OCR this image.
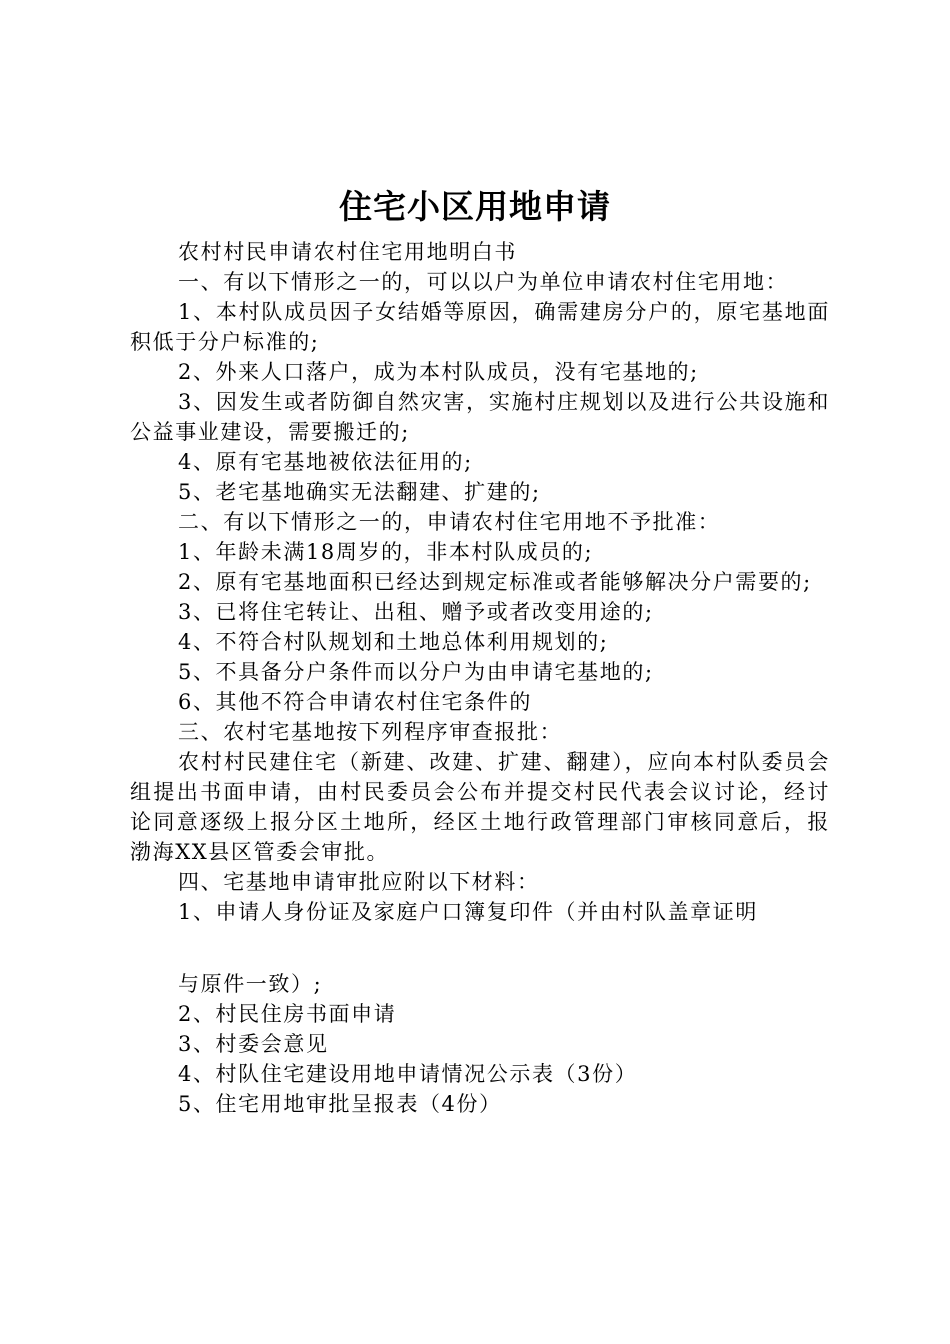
住宅小区用地申请

农村村民申请农村住宅用地明白书

一、有以下情形之一的，可以以户为单位申请农村住宅用地：

1、本村队成员因子女结婚等原因，确需建房分户的，原宅基地面积低于分户标准的;

2、外来人口落户，成为本村队成员，没有宅基地的;

3、因发生或者防御自然灾害，实施村庄规划以及进行公共设施和公益事业建设，需要搬迁的;

4、原有宅基地被依法征用的;

5、老宅基地确实无法翻建、扩建的;

二、有以下情形之一的，申请农村住宅用地不予批准：

1、年龄未满18周岁的，非本村队成员的;

2、原有宅基地面积已经达到规定标准或者能够解决分户需要的;

3、已将住宅转让、出租、赠予或者改变用途的;

4、不符合村队规划和土地总体利用规划的;

5、不具备分户条件而以分户为由申请宅基地的;

6、其他不符合申请农村住宅条件的

三、农村宅基地按下列程序审查报批：

农村村民建住宅（新建、改建、扩建、翻建），应向本村队委员会组提出书面申请，由村民委员会公布并提交村民代表会议讨论，经讨论同意逐级上报分区土地所，经区土地行政管理部门审核同意后，报渤海XX县区管委会审批。

四、宅基地申请审批应附以下材料：

1、申请人身份证及家庭户口簿复印件（并由村队盖章证明

与原件一致）;

2、村民住房书面申请

3、村委会意见

4、村队住宅建设用地申请情况公示表（3份）

5、住宅用地审批呈报表（4份）
